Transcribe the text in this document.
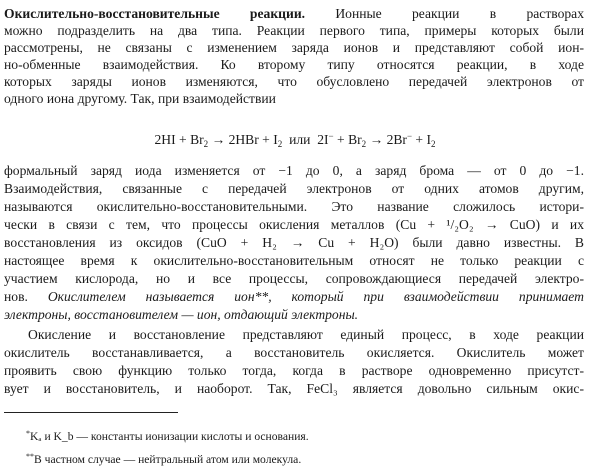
Окислительно-восстановительные реакции. Ионные реакции в растворах
можно подразделить на два типа. Реакции первого типа, примеры которых были
рассмотрены, не связаны с изменением заряда ионов и представляют собой ион-
но-обменные взаимодействия. Ко второму типу относятся реакции, в ходе
которых заряды ионов изменяются, что обусловлено передачей электронов от
одного иона другому. Так, при взаимодействии
$2HI + Br_2 \to 2HBr + I_2$  или  $2I^- + Br_2 \to 2Br^- + I_2$
формальный заряд иода изменяется от −1 до 0, а заряд брома — от 0 до −1.
Взаимодействия, связанные с передачей электронов от одних атомов другим,
называются окислительно-восстановительными. Это название сложилось истори-
чески в связи с тем, что процессы окисления металлов (Cu + ¹/₂O₂ → CuO) и их
восстановления из оксидов (CuO + H₂ → Cu + H₂O) были давно известны. В
настоящее время к окислительно-восстановительным относят не только реакции с
участием кислорода, но и все процессы, сопровождающиеся передачей электро-
нов. Окислителем называется ион**, который при взаимодействии принимает
электроны, восстановителем — ион, отдающий электроны.
Окисление и восстановление представляют единый процесс, в ходе реакции
окислитель восстанавливается, а восстановитель окисляется. Окислитель может
проявить свою функцию только тогда, когда в растворе одновременно присутст-
вует и восстановитель, и наоборот. Так, FeCl₃ является довольно сильным окис-
*Kₐ и K_b — константы ионизации кислоты и основания.
**В частном случае — нейтральный атом или молекула.
